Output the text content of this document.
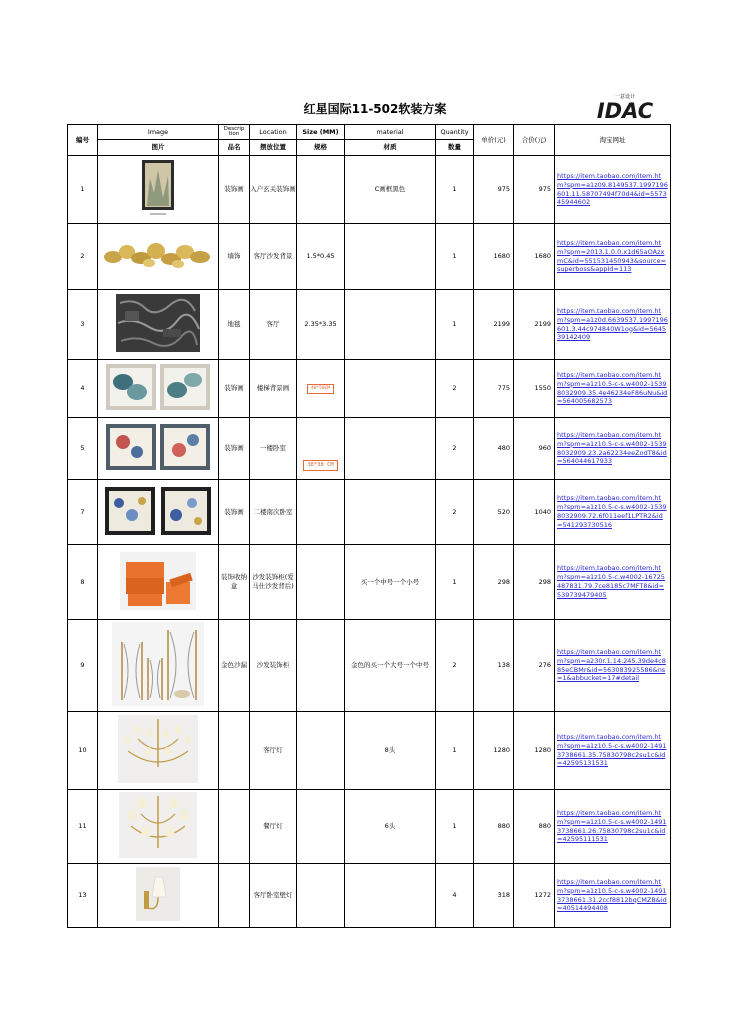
红星国际11-502软装方案
一意设计
IDAC
编号	Image	Descrip tion	Location	Size (MM)	material	Quantity	单价(元)	合价(元)	淘宝网址
	图片	品名	摆放位置	规格	材质	数量			
1		装饰画	入户玄关装饰画		C画框黑色	1	975	975	https://item.taobao.com/item.htm?spm=a1z09.8149537.1997196601.11.58707494f70d4&id=557345944602
2		墙饰	客厅沙发背景	1.5*0.45		1	1680	1680	https://item.taobao.com/item.htm?spm=2013.1.0.0.x1d65aOAzxmC&id=551531450943&source=superboss&appId=113
3		地毯	客厅	2.35*3.35		1	2199	2199	https://item.taobao.com/item.htm?spm=a1z0d.6639537.1997196601.3.44c974840W1og&id=564539142409
4		装饰画	楼梯背景画	40*50CM		2	775	1550	https://item.taobao.com/item.htm?spm=a1z10.5-c-s.w4002-15398032909.35.4e46234eF86uNu&id=564005682573
5		装饰画	一楼卧室	38*38 CM		2	480	960	https://item.taobao.com/item.htm?spm=a1z10.5-c-s.w4002-15398032909.23.2a62234eeZodT8&id=564044617933
7		装饰画	二楼南次卧室			2	520	1040	https://item.taobao.com/item.htm?spm=a1z10.5-c-s.w4002-15398032909.72.6f011eef1LPTR2&id=541293730516
8		装饰收纳盒	沙发装饰柜(爱马仕沙发背后)		买一个中号一个小号	1	298	298	https://item.taobao.com/item.htm?spm=a1z10.5-c.w4002-16725487831.79.7ce8185c7MFT8&id=539739479405
9		金色沙漏	沙发装饰柜		金色的买一个大号一个中号	2	138	276	https://item.taobao.com/item.htm?spm=a230r.1.14.245.39de4c885eCBMr&id=563083925586&ns=1&abbucket=17#detail
10			客厅灯		8头	1	1280	1280	https://item.taobao.com/item.htm?spm=a1z10.5-c-s.w4002-14913738661.35.75830798c2su1c&id=42595131531
11			餐厅灯		6头	1	880	880	https://item.taobao.com/item.htm?spm=a1z10.5-c-s.w4002-14913738661.26.75830798c2su1c&id=42595111531
13			客厅卧室壁灯			4	318	1272	https://item.taobao.com/item.htm?spm=a1z10.5-c-s.w4002-14913738661.31.2ccf8812bqCMZB&id=40514494408
